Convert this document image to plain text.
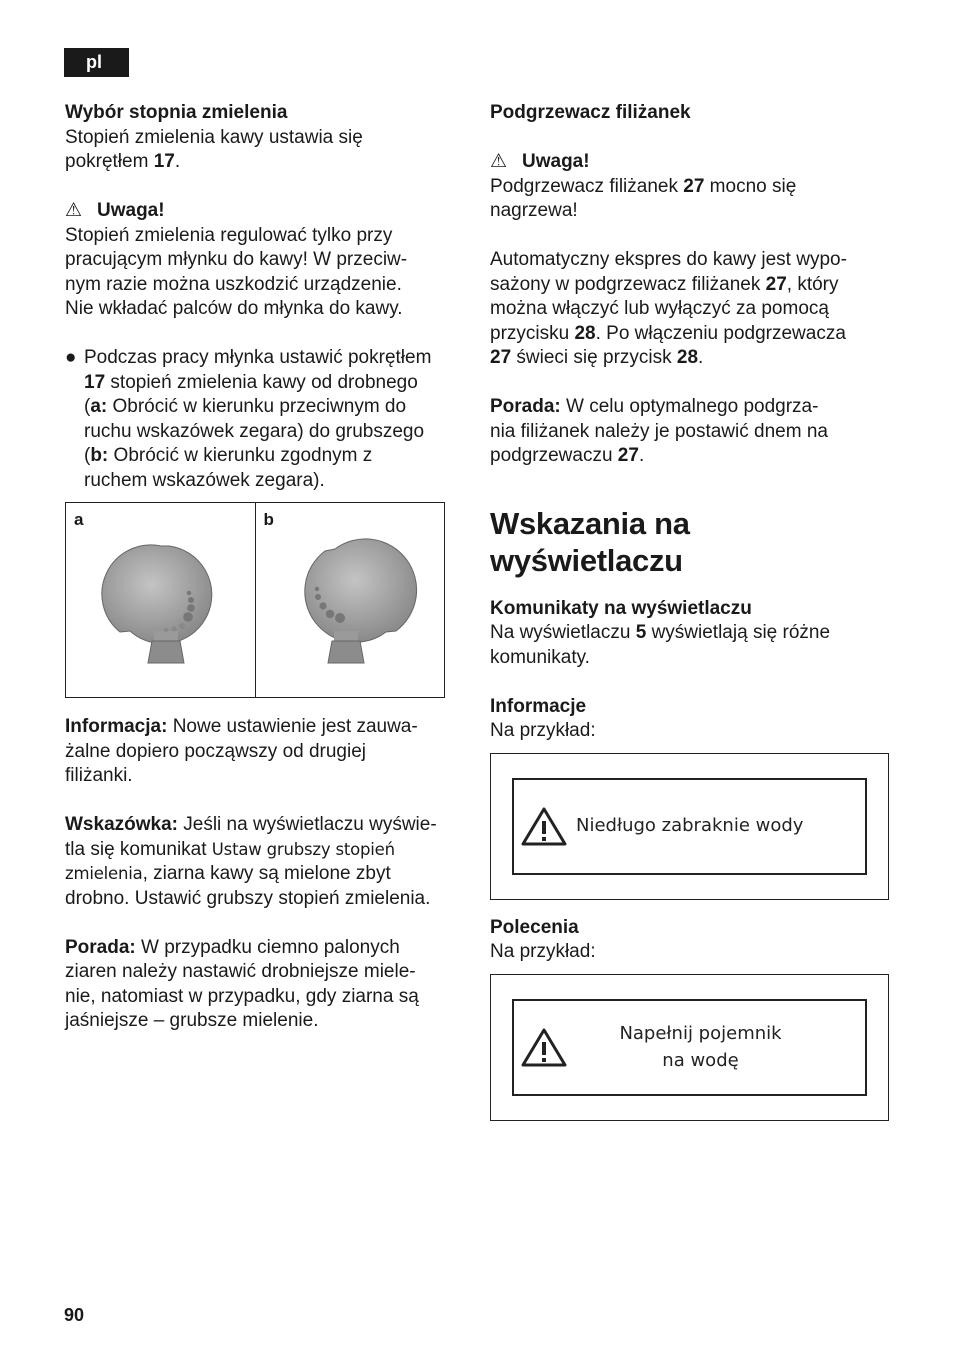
pl

Wybór stopnia zmielenia

Stopień zmielenia kawy ustawia się

pokrętłem 17.

⚠ Uwaga!

Stopień zmielenia regulować tylko przy

pracującym młynku do kawy! W przeciw-

nym razie można uszkodzić urządzenie.

Nie wkładać palców do młynka do kawy.

● Podczas pracy młynka ustawić pokrętłem

17 stopień zmielenia kawy od drobnego

(a: Obrócić w kierunku przeciwnym do

ruchu wskazówek zegara) do grubszego

(b: Obrócić w kierunku zgodnym z

ruchem wskazówek zegara).

a	b

Informacja: Nowe ustawienie jest zauwa-

żalne dopiero począwszy od drugiej

filiżanki.

Wskazówka: Jeśli na wyświetlaczu wyświe-

tla się komunikat Ustaw grubszy stopień

zmielenia, ziarna kawy są mielone zbyt

drobno. Ustawić grubszy stopień zmielenia.

Porada: W przypadku ciemno palonych

ziaren należy nastawić drobniejsze miele-

nie, natomiast w przypadku, gdy ziarna są

jaśniejsze – grubsze mielenie.

Podgrzewacz filiżanek

⚠ Uwaga!

Podgrzewacz filiżanek 27 mocno się

nagrzewa!

Automatyczny ekspres do kawy jest wypo-

sażony w podgrzewacz filiżanek 27, który

można włączyć lub wyłączyć za pomocą

przycisku 28. Po włączeniu podgrzewacza

27 świeci się przycisk 28.

Porada: W celu optymalnego podgrza-

nia filiżanek należy je postawić dnem na

podgrzewaczu 27.

Wskazania na
wyświetlaczu

Komunikaty na wyświetlaczu

Na wyświetlaczu 5 wyświetlają się różne

komunikaty.

Informacje

Na przykład:

Niedługo zabraknie wody

Polecenia

Na przykład:

Napełnij pojemnik
na wodę
90
